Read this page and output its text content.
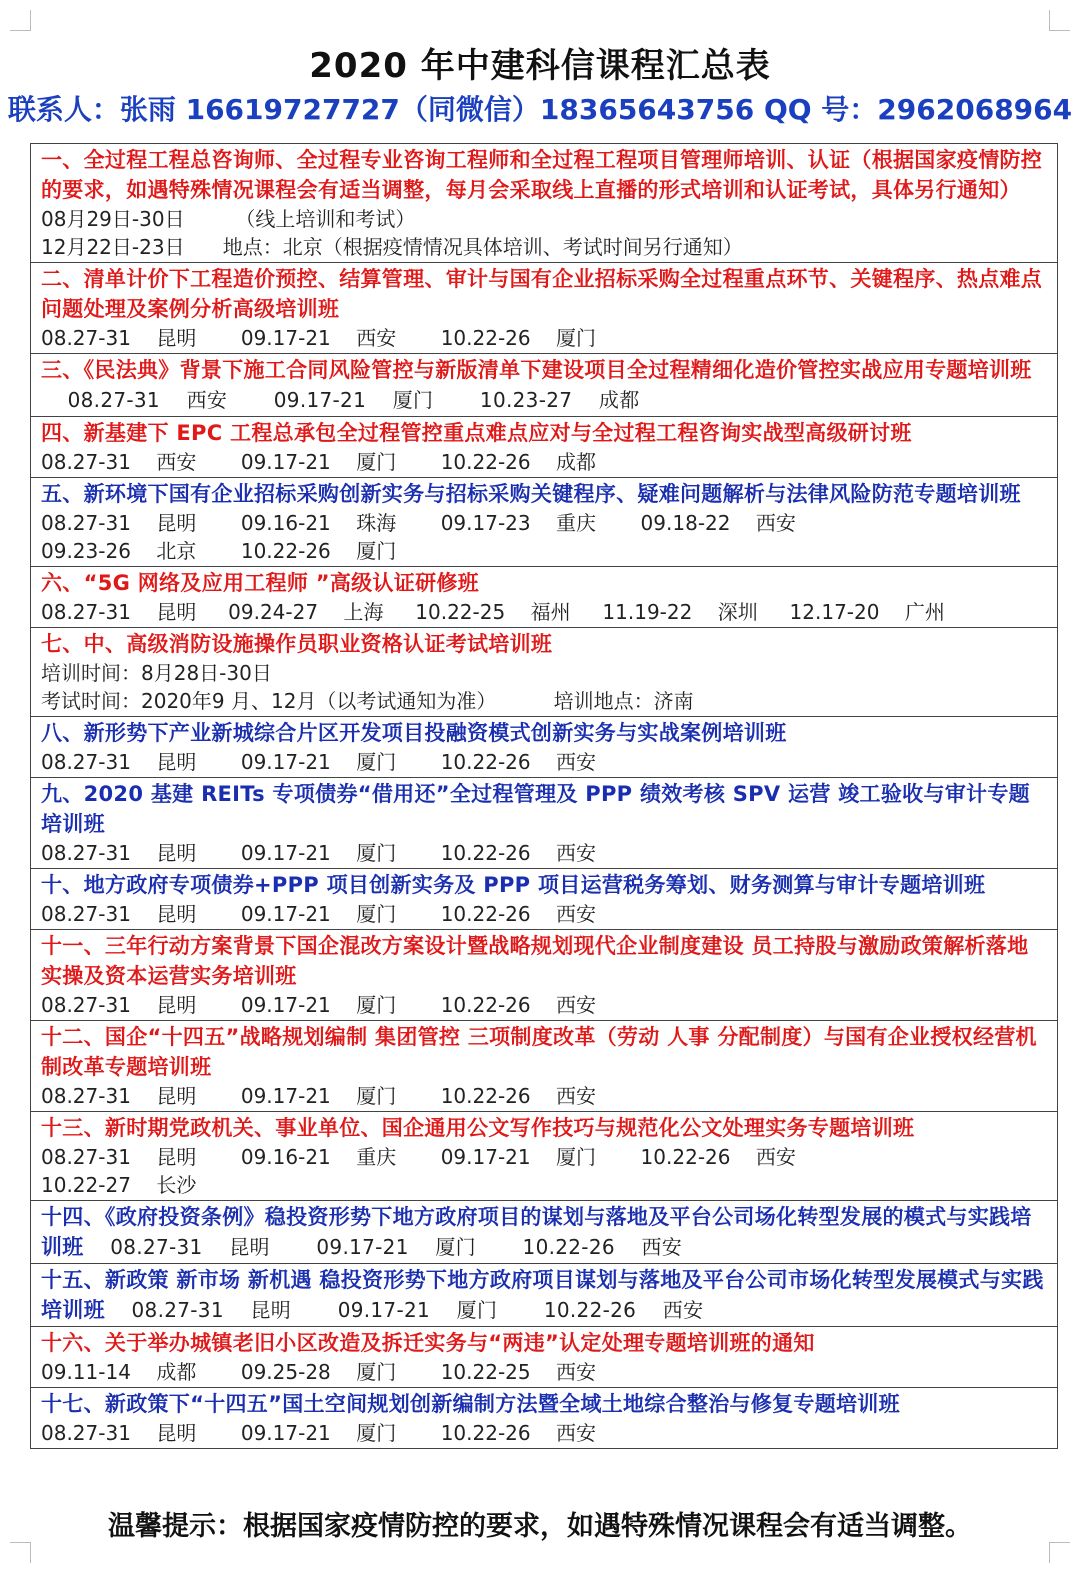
2020 年中建科信课程汇总表
联系人：张雨 16619727727（同微信）18365643756 QQ 号：2962068964
一、全过程工程总咨询师、全过程专业咨询工程师和全过程工程项目管理师培训、认证（根据国家疫情防控的要求，如遇特殊情况课程会有适当调整，每月会采取线上直播的形式培训和认证考试，具体另行通知）
08月29日-30日        （线上培训和考试）
12月22日-23日      地点：北京（根据疫情情况具体培训、考试时间另行通知）
二、清单计价下工程造价预控、结算管理、审计与国有企业招标采购全过程重点环节、关键程序、热点难点问题处理及案例分析高级培训班
08.27-31    昆明       09.17-21    西安       10.22-26    厦门
三、《民法典》背景下施工合同风险管控与新版清单下建设项目全过程精细化造价管控实战应用专题培训班    08.27-31    西安       09.17-21    厦门       10.23-27    成都
四、新基建下 EPC 工程总承包全过程管控重点难点应对与全过程工程咨询实战型高级研讨班
08.27-31    西安       09.17-21    厦门       10.22-26    成都
五、新环境下国有企业招标采购创新实务与招标采购关键程序、疑难问题解析与法律风险防范专题培训班
08.27-31    昆明       09.16-21    珠海       09.17-23    重庆       09.18-22    西安
09.23-26    北京       10.22-26    厦门
六、“5G 网络及应用工程师 ”高级认证研修班
08.27-31    昆明     09.24-27    上海     10.22-25    福州     11.19-22    深圳     12.17-20    广州
七、中、高级消防设施操作员职业资格认证考试培训班
培训时间：8月28日-30日
考试时间：2020年9 月、12月（以考试通知为准）         培训地点：济南
八、新形势下产业新城综合片区开发项目投融资模式创新实务与实战案例培训班
08.27-31    昆明       09.17-21    厦门       10.22-26    西安
九、2020 基建 REITs 专项债券“借用还”全过程管理及 PPP 绩效考核 SPV 运营 竣工验收与审计专题培训班
08.27-31    昆明       09.17-21    厦门       10.22-26    西安
十、地方政府专项债券+PPP 项目创新实务及 PPP 项目运营税务筹划、财务测算与审计专题培训班
08.27-31    昆明       09.17-21    厦门       10.22-26    西安
十一、三年行动方案背景下国企混改方案设计暨战略规划现代企业制度建设 员工持股与激励政策解析落地实操及资本运营实务培训班
08.27-31    昆明       09.17-21    厦门       10.22-26    西安
十二、国企“十四五”战略规划编制 集团管控 三项制度改革（劳动 人事 分配制度）与国有企业授权经营机制改革专题培训班
08.27-31    昆明       09.17-21    厦门       10.22-26    西安
十三、新时期党政机关、事业单位、国企通用公文写作技巧与规范化公文处理实务专题培训班
08.27-31    昆明       09.16-21    重庆       09.17-21    厦门       10.22-26    西安
10.22-27    长沙
十四、《政府投资条例》稳投资形势下地方政府项目的谋划与落地及平台公司场化转型发展的模式与实践培训班    08.27-31    昆明       09.17-21    厦门       10.22-26    西安
十五、新政策 新市场 新机遇 稳投资形势下地方政府项目谋划与落地及平台公司市场化转型发展模式与实践培训班    08.27-31    昆明       09.17-21    厦门       10.22-26    西安
十六、关于举办城镇老旧小区改造及拆迁实务与“两违”认定处理专题培训班的通知
09.11-14    成都       09.25-28    厦门       10.22-25    西安
十七、新政策下“十四五”国土空间规划创新编制方法暨全域土地综合整治与修复专题培训班
08.27-31    昆明       09.17-21    厦门       10.22-26    西安
温馨提示：根据国家疫情防控的要求，如遇特殊情况课程会有适当调整。
